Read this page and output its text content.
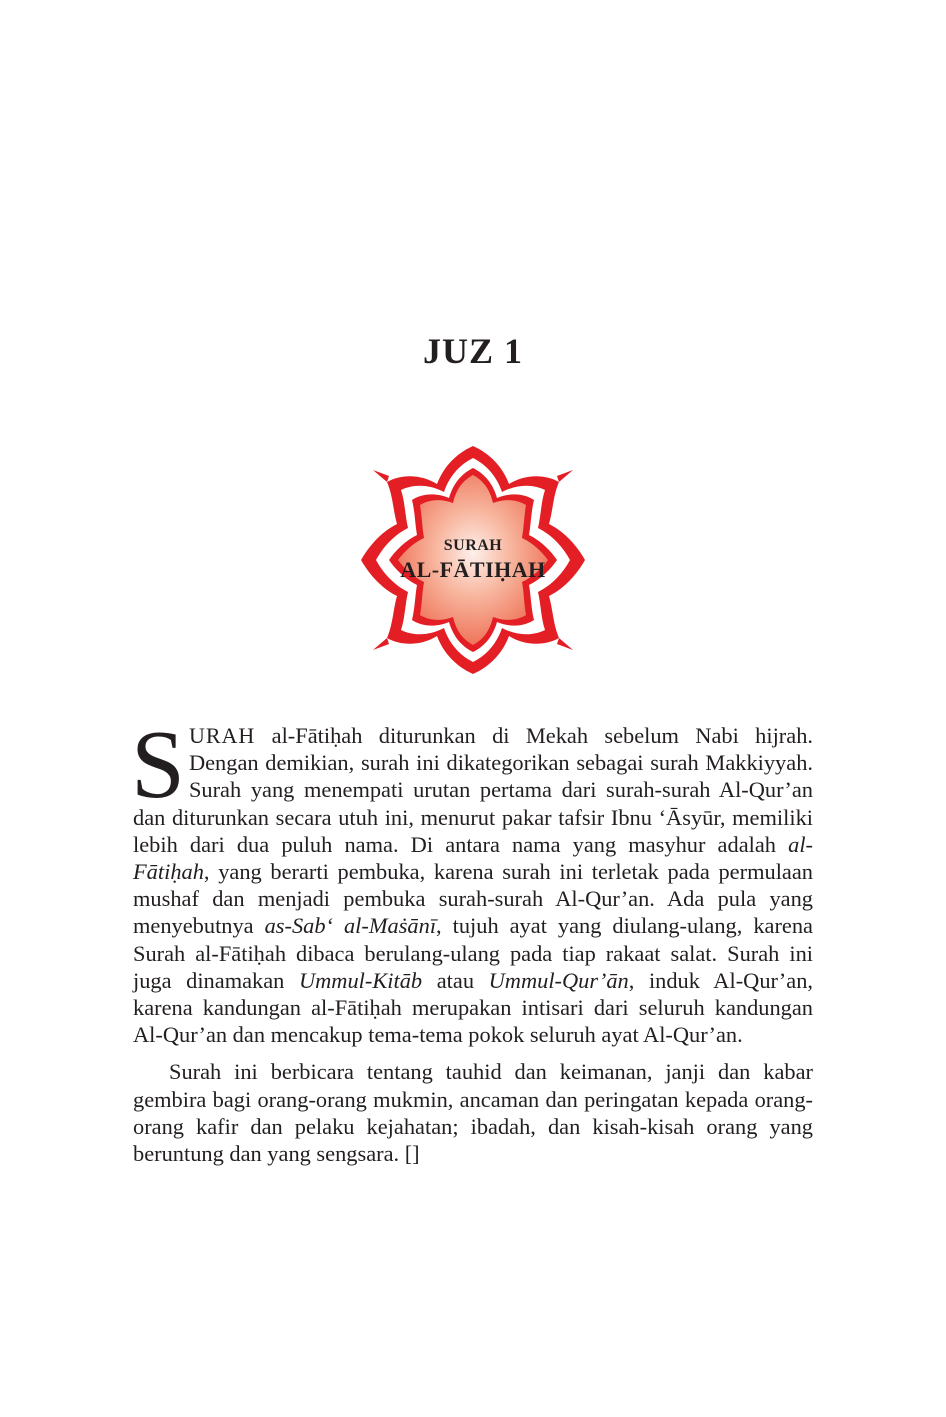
JUZ 1
SURAH
AL-FĀTIḤAH

SURAH al-Fātiḥah diturunkan di Mekah sebelum Nabi hijrah. Dengan demikian, surah ini dikategorikan sebagai surah Makkiyyah. Surah yang menempati urutan pertama dari surah-surah Al-Qur’an dan diturunkan secara utuh ini, menurut pakar tafsir Ibnu ‘Āsyūr, memiliki lebih dari dua puluh nama. Di antara nama yang masyhur adalah al-Fātiḥah, yang berarti pembuka, karena surah ini terletak pada permulaan mushaf dan menjadi pembuka surah-surah Al-Qur’an. Ada pula yang menyebutnya as-Sab‘ al-Maṡānī, tujuh ayat yang diulang-ulang, karena Surah al-Fātiḥah dibaca berulang-ulang pada tiap rakaat salat. Surah ini juga dinamakan Ummul-Kitāb atau Ummul-Qur’ān, induk Al-Qur’an, karena kandungan al-Fātiḥah merupakan intisari dari seluruh kandungan Al-Qur’an dan mencakup tema-tema pokok seluruh ayat Al-Qur’an.

Surah ini berbicara tentang tauhid dan keimanan, janji dan kabar gembira bagi orang-orang mukmin, ancaman dan peringatan kepada orang-orang kafir dan pelaku kejahatan; ibadah, dan kisah-kisah orang yang beruntung dan yang sengsara. []
